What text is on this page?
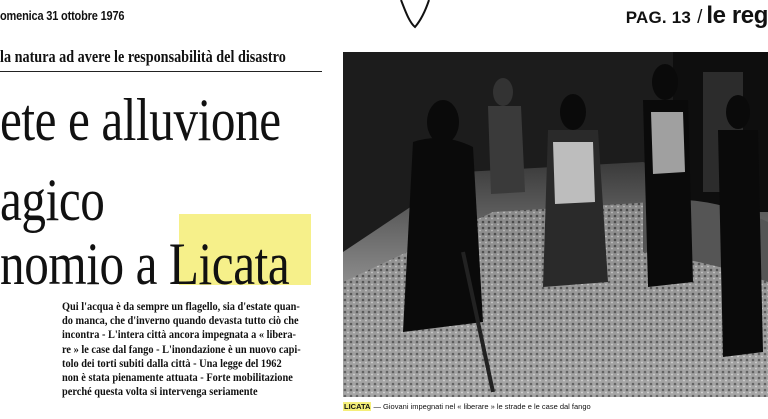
omenica 31 ottobre 1976	PAG. 13 / le reg
la natura ad avere le responsabilità del disastro
ete e alluvione
agico
nomio a Licata
Qui l'acqua è da sempre un flagello, sia d'estate quan-
do manca, che d'inverno quando devasta tutto ciò che
incontra - L'intera città ancora impegnata a « libera-
re » le case dal fango - L'inondazione è un nuovo capi-
tolo dei torti subiti dalla città - Una legge del 1962
non è stata pienamente attuata - Forte mobilitazione
perché questa volta si intervenga seriamente
LICATA — Giovani impegnati nel « liberare » le strade e le case dal fango
